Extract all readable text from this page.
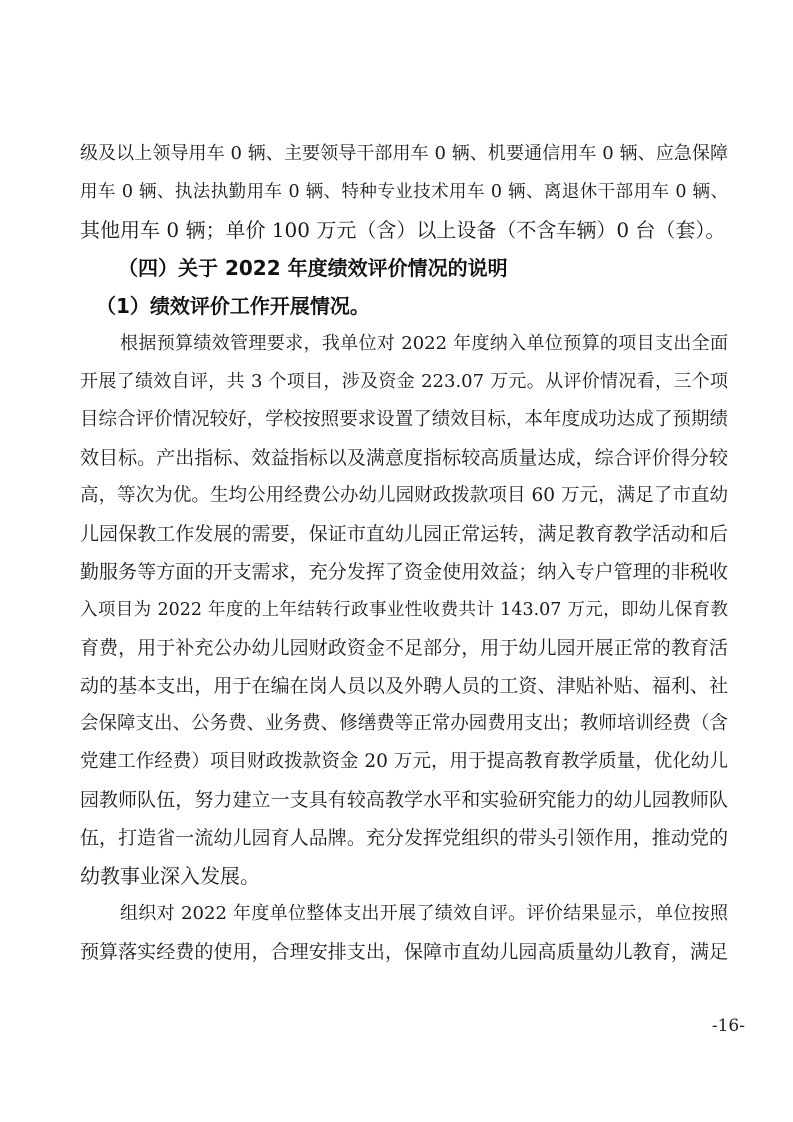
级及以上领导用车 0 辆、主要领导干部用车 0 辆、机要通信用车 0 辆、应急保障
用车 0 辆、执法执勤用车 0 辆、特种专业技术用车 0 辆、离退休干部用车 0 辆、
其他用车 0 辆；单价 100 万元（含）以上设备（不含车辆）0 台（套）。
（四）关于 2022 年度绩效评价情况的说明
（1）绩效评价工作开展情况。
根据预算绩效管理要求，我单位对 2022 年度纳入单位预算的项目支出全面
开展了绩效自评，共 3 个项目，涉及资金 223.07 万元。从评价情况看，三个项
目综合评价情况较好，学校按照要求设置了绩效目标，本年度成功达成了预期绩
效目标。产出指标、效益指标以及满意度指标较高质量达成，综合评价得分较
高，等次为优。生均公用经费公办幼儿园财政拨款项目 60 万元，满足了市直幼
儿园保教工作发展的需要，保证市直幼儿园正常运转，满足教育教学活动和后
勤服务等方面的开支需求，充分发挥了资金使用效益；纳入专户管理的非税收
入项目为 2022 年度的上年结转行政事业性收费共计 143.07 万元，即幼儿保育教
育费，用于补充公办幼儿园财政资金不足部分，用于幼儿园开展正常的教育活
动的基本支出，用于在编在岗人员以及外聘人员的工资、津贴补贴、福利、社
会保障支出、公务费、业务费、修缮费等正常办园费用支出；教师培训经费（含
党建工作经费）项目财政拨款资金 20 万元，用于提高教育教学质量，优化幼儿
园教师队伍，努力建立一支具有较高教学水平和实验研究能力的幼儿园教师队
伍，打造省一流幼儿园育人品牌。充分发挥党组织的带头引领作用，推动党的
幼教事业深入发展。
组织对 2022 年度单位整体支出开展了绩效自评。评价结果显示，单位按照
预算落实经费的使用，合理安排支出，保障市直幼儿园高质量幼儿教育，满足
-16-
